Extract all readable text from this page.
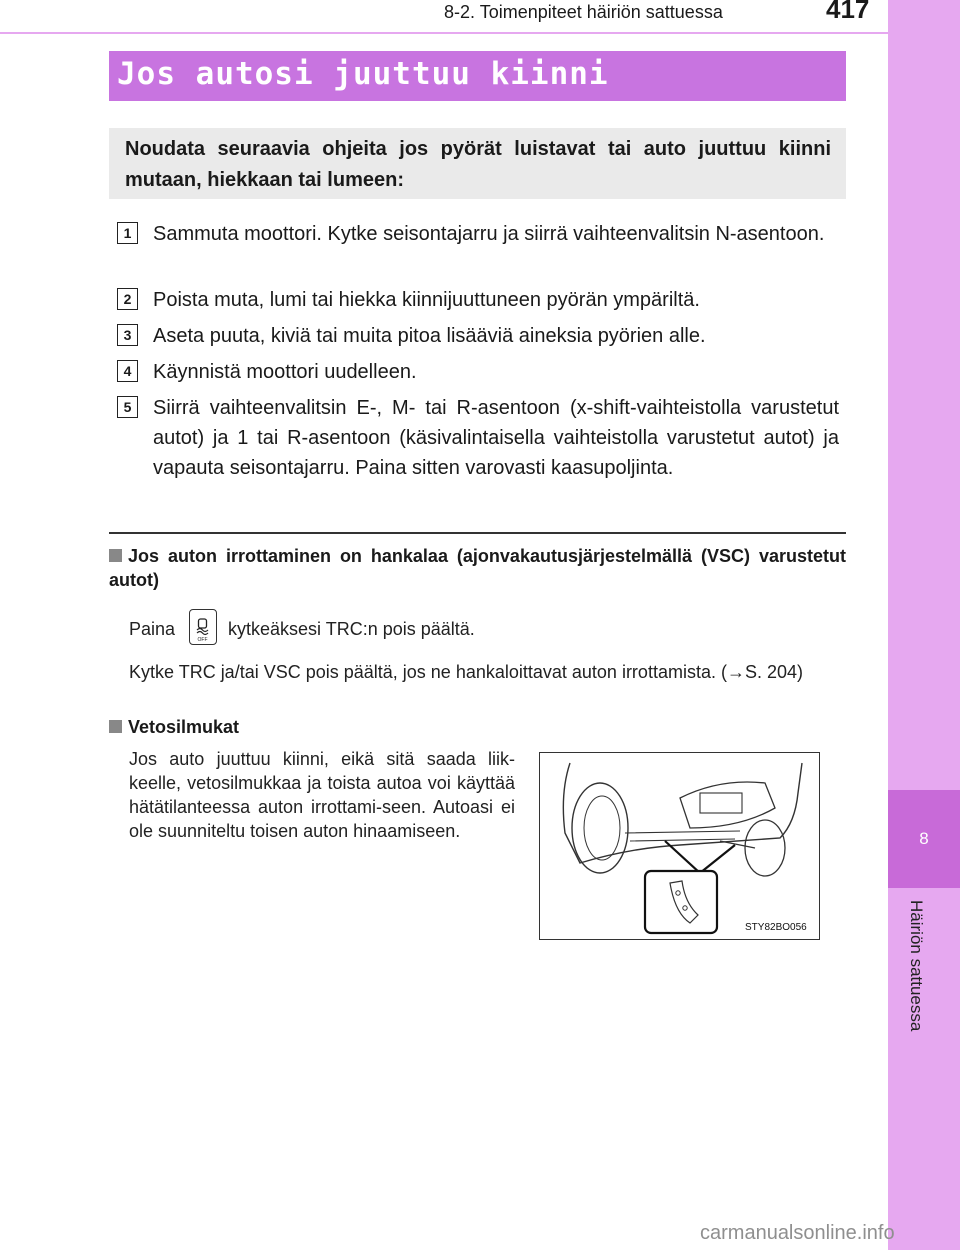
8
Häiriön sattuessa
8-2. Toimenpiteet häiriön sattuessa	417
Jos autosi juuttuu kiinni
Noudata seuraavia ohjeita jos pyörät luistavat tai auto juuttuu kiinni mutaan, hiekkaan tai lumeen:
1	Sammuta moottori. Kytke seisontajarru ja siirrä vaihteenvalitsin N-asentoon.
2	Poista muta, lumi tai hiekka kiinnijuuttuneen pyörän ympäriltä.
3	Aseta puuta, kiviä tai muita pitoa lisääviä aineksia pyörien alle.
4	Käynnistä moottori uudelleen.
5	Siirrä vaihteenvalitsin E-, M- tai R-asentoon (x-shift-vaihteistolla varustetut autot) ja 1 tai R-asentoon (käsivalintaisella vaihteistolla varustetut autot) ja vapauta seisontajarru. Paina sitten varovasti kaasupoljinta.
Jos auton irrottaminen on hankalaa (ajonvakautusjärjestelmällä (VSC) varustetut autot)
Paina
OFF
kytkeäksesi TRC:n pois päältä.
Kytke TRC ja/tai VSC pois päältä, jos ne hankaloittavat auton irrottamista. (→S. 204)
Vetosilmukat
Jos auto juuttuu kiinni, eikä sitä saada liik-keelle, vetosilmukkaa ja toista autoa voi käyttää hätätilanteessa auton irrottami-seen. Autoasi ei ole suunniteltu toisen auton hinaamiseen.
STY82BO056
carmanualsonline.info
